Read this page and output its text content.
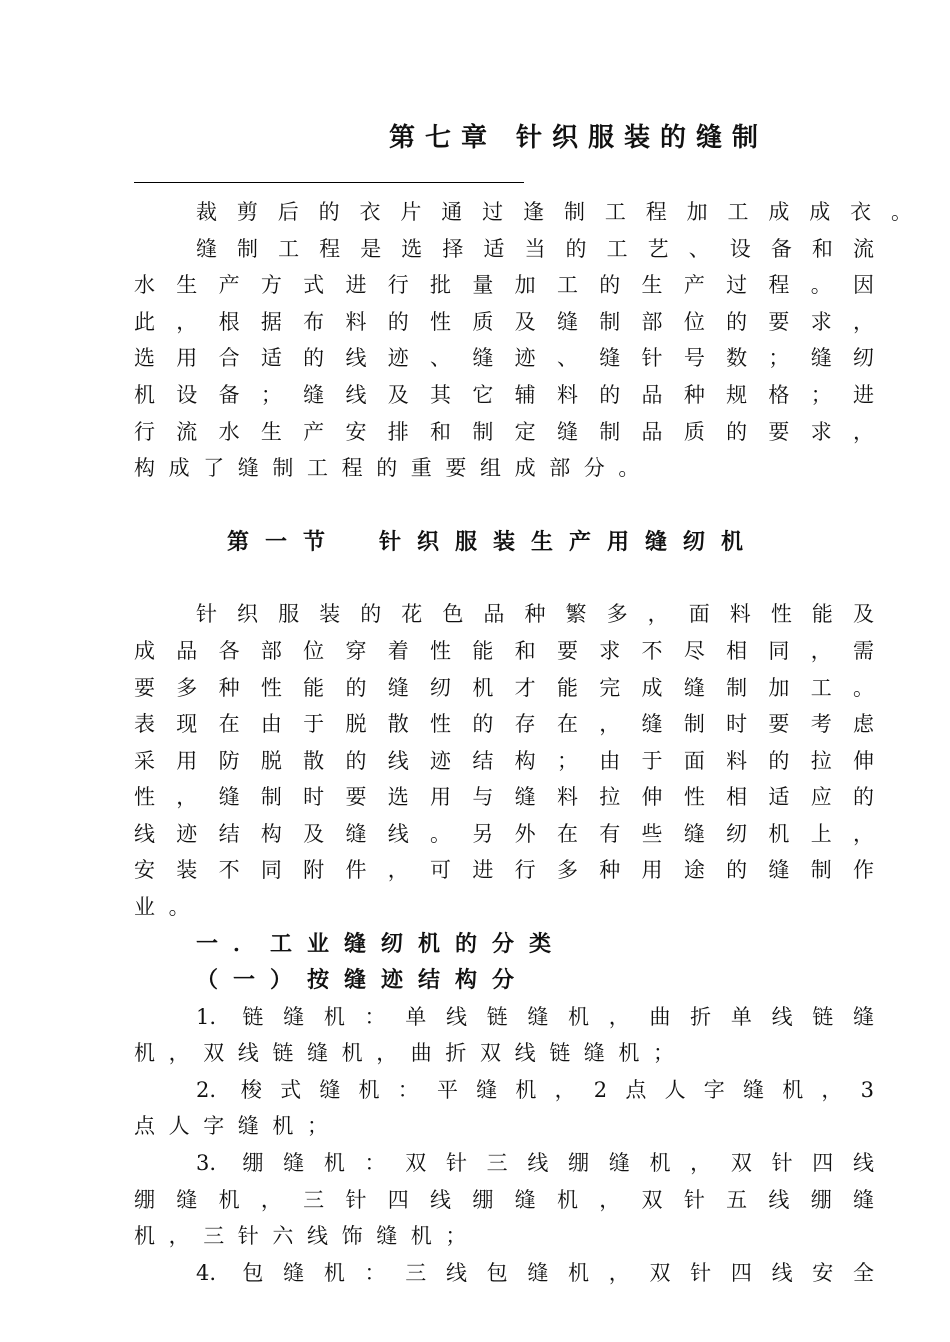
第七章 针织服装的缝制
裁剪后的衣片通过逢制工程加工成成衣。
缝制工程是选择适当的工艺、设备和流
水生产方式进行批量加工的生产过程。因
此，根据布料的性质及缝制部位的要求，
选用合适的线迹、缝迹、缝针号数；缝纫
机设备；缝线及其它辅料的品种规格；进
行流水生产安排和制定缝制品质的要求，
构成了缝制工程的重要组成部分。
第一节　针织服装生产用缝纫机
针织服装的花色品种繁多，面料性能及
成品各部位穿着性能和要求不尽相同，需
要多种性能的缝纫机才能完成缝制加工。
表现在由于脱散性的存在，缝制时要考虑
采用防脱散的线迹结构；由于面料的拉伸
性，缝制时要选用与缝料拉伸性相适应的
线迹结构及缝线。另外在有些缝纫机上，
安装不同附件，可进行多种用途的缝制作
业。
一．工业缝纫机的分类
（一）按缝迹结构分
1. 链缝机：单线链缝机，曲折单线链缝
机，双线链缝机，曲折双线链缝机；
2. 梭式缝机：平缝机，2点人字缝机，3
点人字缝机；
3. 绷缝机：双针三线绷缝机，双针四线
绷缝机，三针四线绷缝机，双针五线绷缝
机，三针六线饰缝机；
4. 包缝机：三线包缝机，双针四线安全
